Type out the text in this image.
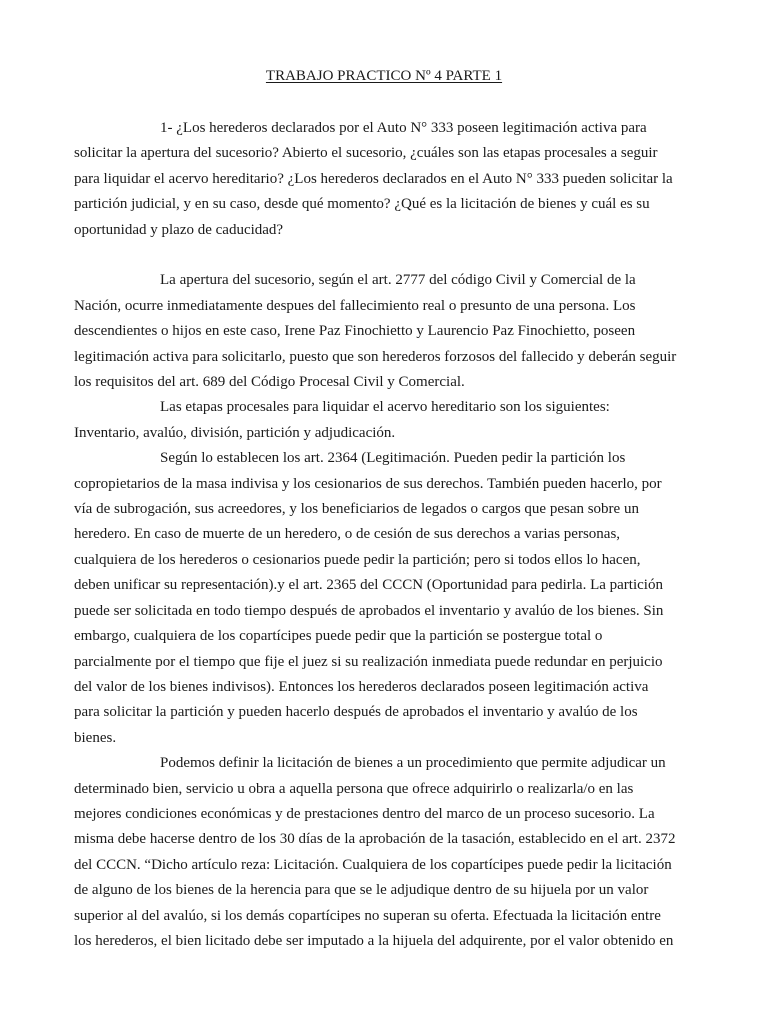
TRABAJO PRACTICO Nº 4 PARTE 1
1- ¿Los herederos declarados por el Auto N° 333 poseen legitimación activa para
solicitar la apertura del sucesorio? Abierto el sucesorio, ¿cuáles son las etapas procesales a seguir
para liquidar el acervo hereditario? ¿Los herederos declarados en el Auto N° 333 pueden solicitar la
partición judicial, y en su caso, desde qué momento? ¿Qué es la licitación de bienes y cuál es su
oportunidad y plazo de caducidad?
La apertura del sucesorio, según el art. 2777 del código Civil y Comercial de la
Nación, ocurre inmediatamente despues del fallecimiento real o presunto de una persona. Los
descendientes o hijos en este caso, Irene Paz Finochietto y Laurencio Paz Finochietto, poseen
legitimación activa para solicitarlo, puesto que son herederos forzosos del fallecido y deberán seguir
los requisitos del art. 689 del Código Procesal Civil y Comercial.
Las etapas procesales para liquidar el acervo hereditario son los siguientes:
Inventario, avalúo, división, partición y adjudicación.
Según lo establecen los art. 2364 (Legitimación. Pueden pedir la partición los
copropietarios de la masa indivisa y los cesionarios de sus derechos. También pueden hacerlo, por
vía de subrogación, sus acreedores, y los beneficiarios de legados o cargos que pesan sobre un
heredero. En caso de muerte de un heredero, o de cesión de sus derechos a varias personas,
cualquiera de los herederos o cesionarios puede pedir la partición; pero si todos ellos lo hacen,
deben unificar su representación).y el art. 2365 del CCCN (Oportunidad para pedirla. La partición
puede ser solicitada en todo tiempo después de aprobados el inventario y avalúo de los bienes. Sin
embargo, cualquiera de los copartícipes puede pedir que la partición se postergue total o
parcialmente por el tiempo que fije el juez si su realización inmediata puede redundar en perjuicio
del valor de los bienes indivisos). Entonces los herederos declarados poseen legitimación activa
para solicitar la partición y pueden hacerlo después de aprobados el inventario y avalúo de los
bienes.
Podemos definir la licitación de bienes a un procedimiento que permite adjudicar un
determinado bien, servicio u obra a aquella persona que ofrece adquirirlo o realizarla/o en las
mejores condiciones económicas y de prestaciones dentro del marco de un proceso sucesorio. La
misma debe hacerse dentro de los 30 días de la aprobación de la tasación, establecido en el art. 2372
del CCCN. “Dicho artículo reza: Licitación. Cualquiera de los copartícipes puede pedir la licitación
de alguno de los bienes de la herencia para que se le adjudique dentro de su hijuela por un valor
superior al del avalúo, si los demás copartícipes no superan su oferta. Efectuada la licitación entre
los herederos, el bien licitado debe ser imputado a la hijuela del adquirente, por el valor obtenido en
